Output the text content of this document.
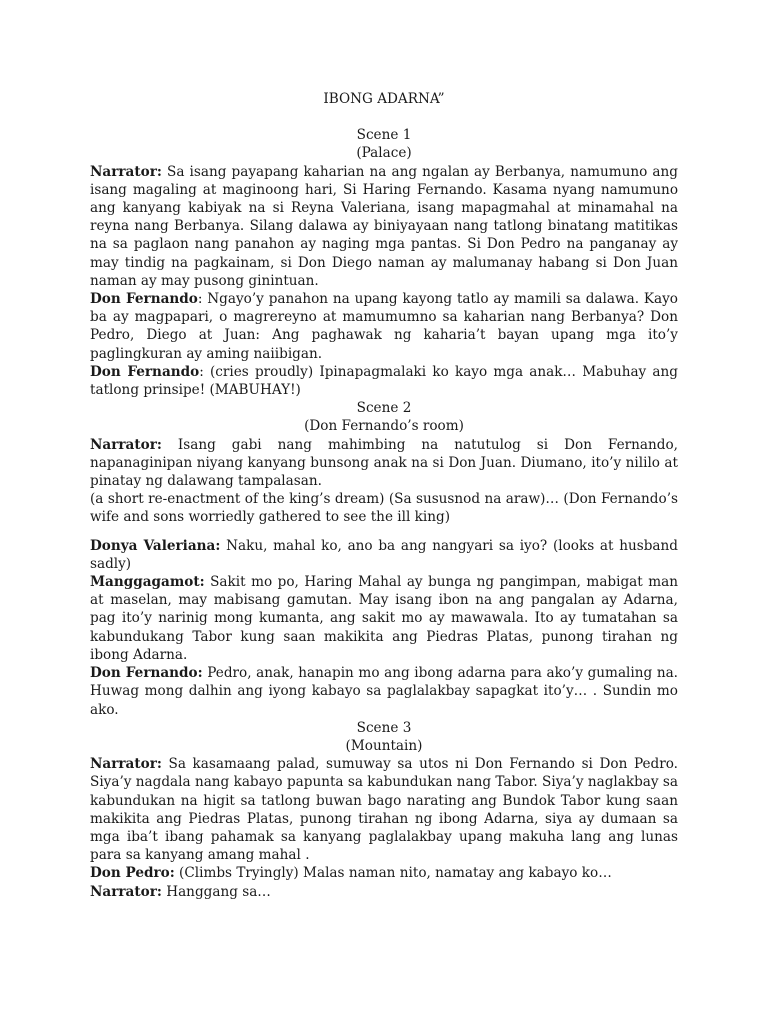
IBONG ADARNA”

Scene 1

(Palace)

Narrator: Sa isang payapang kaharian na ang ngalan ay Berbanya, namumuno ang isang magaling at maginoong hari, Si Haring Fernando. Kasama nyang namumuno ang kanyang kabiyak na si Reyna Valeriana, isang mapagmahal at minamahal na reyna nang Berbanya. Silang dalawa ay biniyayaan nang tatlong binatang matitikas na sa paglaon nang panahon ay naging mga pantas. Si Don Pedro na panganay ay may tindig na pagkainam, si Don Diego naman ay malumanay habang si Don Juan naman ay may pusong ginintuan.

Don Fernando: Ngayo’y panahon na upang kayong tatlo ay mamili sa dalawa. Kayo ba ay magpapari, o magrereyno at mamumumno sa kaharian nang Berbanya? Don Pedro, Diego at Juan: Ang paghawak ng kaharia’t bayan upang mga ito’y paglingkuran ay aming naiibigan.

Don Fernando: (cries proudly) Ipinapagmalaki ko kayo mga anak… Mabuhay ang tatlong prinsipe! (MABUHAY!)

Scene 2

(Don Fernando’s room)

Narrator: Isang gabi nang mahimbing na natutulog si Don Fernando, napanaginipan niyang kanyang bunsong anak na si Don Juan. Diumano, ito’y nililo at pinatay ng dalawang tampalasan.

(a short re-enactment of the king’s dream) (Sa sususnod na araw)… (Don Fernando’s wife and sons worriedly gathered to see the ill king)

Donya Valeriana: Naku, mahal ko, ano ba ang nangyari sa iyo? (looks at husband sadly)

Manggagamot: Sakit mo po, Haring Mahal ay bunga ng pangimpan, mabigat man at maselan, may mabisang gamutan. May isang ibon na ang pangalan ay Adarna, pag ito’y narinig mong kumanta, ang sakit mo ay mawawala. Ito ay tumatahan sa kabundukang Tabor kung saan makikita ang Piedras Platas, punong tirahan ng ibong Adarna.

Don Fernando: Pedro, anak, hanapin mo ang ibong adarna para ako’y gumaling na. Huwag mong dalhin ang iyong kabayo sa paglalakbay sapagkat ito’y… . Sundin mo ako.

Scene 3

(Mountain)

Narrator: Sa kasamaang palad, sumuway sa utos ni Don Fernando si Don Pedro. Siya’y nagdala nang kabayo papunta sa kabundukan nang Tabor. Siya’y naglakbay sa kabundukan na higit sa tatlong buwan bago narating ang Bundok Tabor kung saan makikita ang Piedras Platas, punong tirahan ng ibong Adarna, siya ay dumaan sa mga iba’t ibang pahamak sa kanyang paglalakbay upang makuha lang ang lunas para sa kanyang amang mahal .

Don Pedro: (Climbs Tryingly) Malas naman nito, namatay ang kabayo ko…

Narrator: Hanggang sa…
